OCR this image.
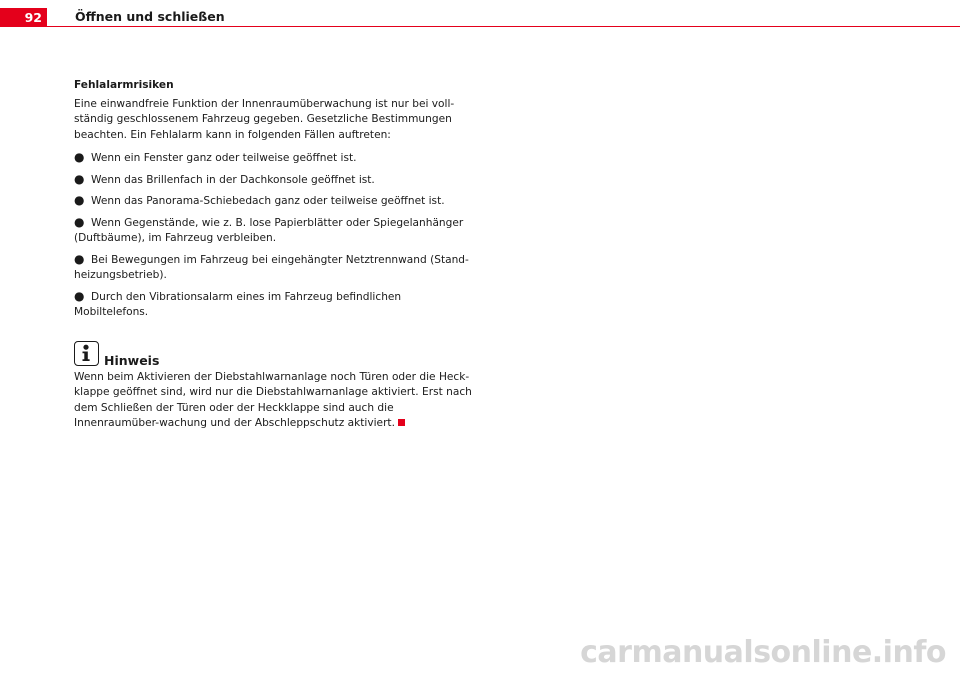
92	Öffnen und schließen
Fehlalarmrisiken

Eine einwandfreie Funktion der Innenraumüberwachung ist nur bei voll-ständig geschlossenem Fahrzeug gegeben. Gesetzliche Bestimmungen beachten. Ein Fehlalarm kann in folgenden Fällen auftreten:

● Wenn ein Fenster ganz oder teilweise geöffnet ist.
● Wenn das Brillenfach in der Dachkonsole geöffnet ist.
● Wenn das Panorama-Schiebedach ganz oder teilweise geöffnet ist.
● Wenn Gegenstände, wie z. B. lose Papierblätter oder Spiegelanhänger (Duftbäume), im Fahrzeug verbleiben.
● Bei Bewegungen im Fahrzeug bei eingehängter Netztrennwand (Stand-heizungsbetrieb).
● Durch den Vibrationsalarm eines im Fahrzeug befindlichen Mobiltelefons.
Hinweis

Wenn beim Aktivieren der Diebstahlwarnanlage noch Türen oder die Heck-klappe geöffnet sind, wird nur die Diebstahlwarnanlage aktiviert. Erst nach dem Schließen der Türen oder der Heckklappe sind auch die Innenraumüber-wachung und der Abschleppschutz aktiviert.

carmanualsonline.info
